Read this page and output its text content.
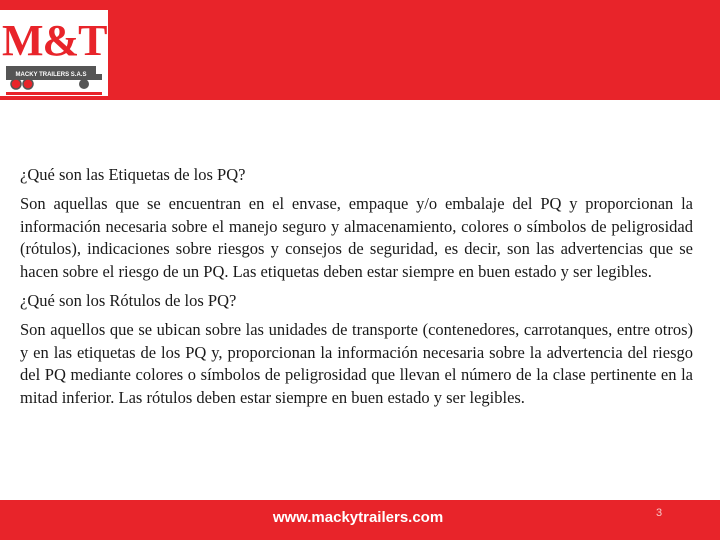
M&T
MACKY TRAILERS S.A.S
¿Qué son las Etiquetas de los PQ?

Son aquellas que se encuentran en el envase, empaque y/o embalaje del PQ y proporcionan la información necesaria sobre el manejo seguro y almacenamiento, colores o símbolos de peligrosidad (rótulos), indicaciones sobre riesgos y consejos de seguridad, es decir, son las advertencias que se hacen sobre el riesgo de un PQ. Las etiquetas deben estar siempre en buen estado y ser legibles.

¿Qué son los Rótulos de los PQ?

Son aquellos que se ubican sobre las unidades de transporte (contenedores, carrotanques, entre otros) y en las etiquetas de los PQ y, proporcionan la información necesaria sobre la advertencia del riesgo del PQ mediante colores o símbolos de peligrosidad que llevan el número de la clase pertinente en la mitad inferior. Las rótulos deben estar siempre en buen estado y ser legibles.

www.mackytrailers.com	3
